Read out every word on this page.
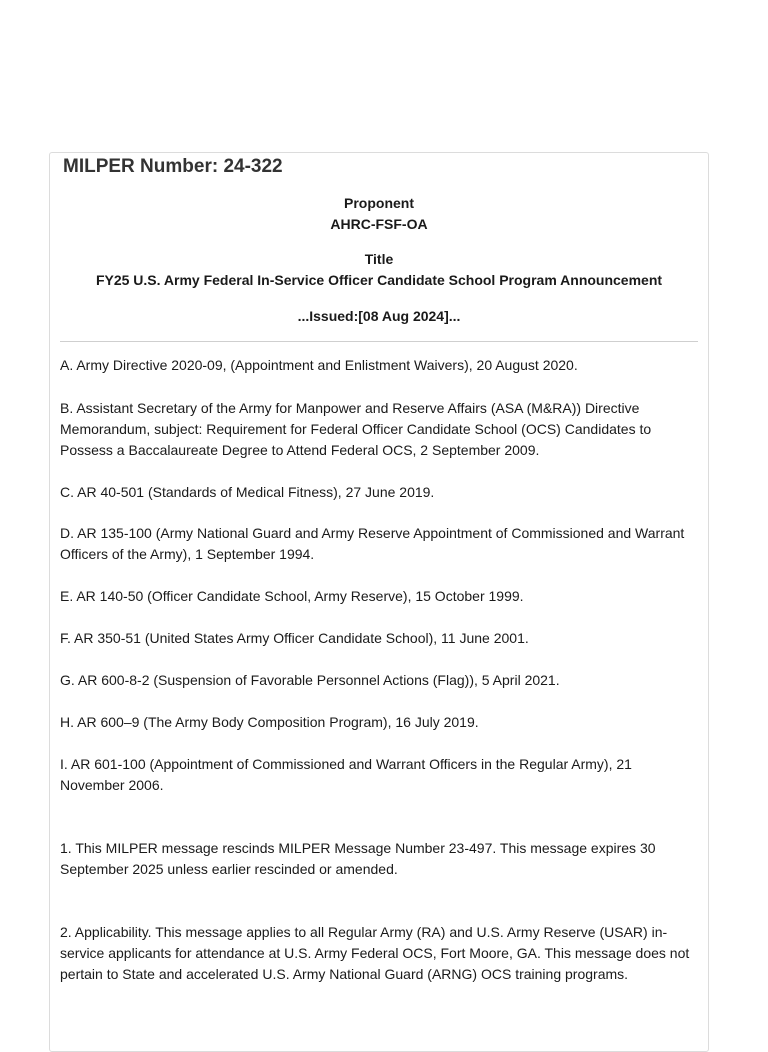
MILPER Number: 24-322
Proponent
AHRC-FSF-OA
Title
FY25 U.S. Army Federal In-Service Officer Candidate School Program Announcement
...Issued:[08 Aug 2024]...
A. Army Directive 2020-09, (Appointment and Enlistment Waivers), 20 August 2020.
B. Assistant Secretary of the Army for Manpower and Reserve Affairs (ASA (M&RA)) Directive Memorandum, subject: Requirement for Federal Officer Candidate School (OCS) Candidates to Possess a Baccalaureate Degree to Attend Federal OCS, 2 September 2009.
C. AR 40-501 (Standards of Medical Fitness), 27 June 2019.
D. AR 135-100 (Army National Guard and Army Reserve Appointment of Commissioned and Warrant Officers of the Army), 1 September 1994.
E. AR 140-50 (Officer Candidate School, Army Reserve), 15 October 1999.
F. AR 350-51 (United States Army Officer Candidate School), 11 June 2001.
G. AR 600-8-2 (Suspension of Favorable Personnel Actions (Flag)), 5 April 2021.
H. AR 600–9 (The Army Body Composition Program), 16 July 2019.
I. AR 601-100 (Appointment of Commissioned and Warrant Officers in the Regular Army), 21 November 2006.
1. This MILPER message rescinds MILPER Message Number 23-497. This message expires 30 September 2025 unless earlier rescinded or amended.
2. Applicability. This message applies to all Regular Army (RA) and U.S. Army Reserve (USAR) in-service applicants for attendance at U.S. Army Federal OCS, Fort Moore, GA. This message does not pertain to State and accelerated U.S. Army National Guard (ARNG) OCS training programs.
